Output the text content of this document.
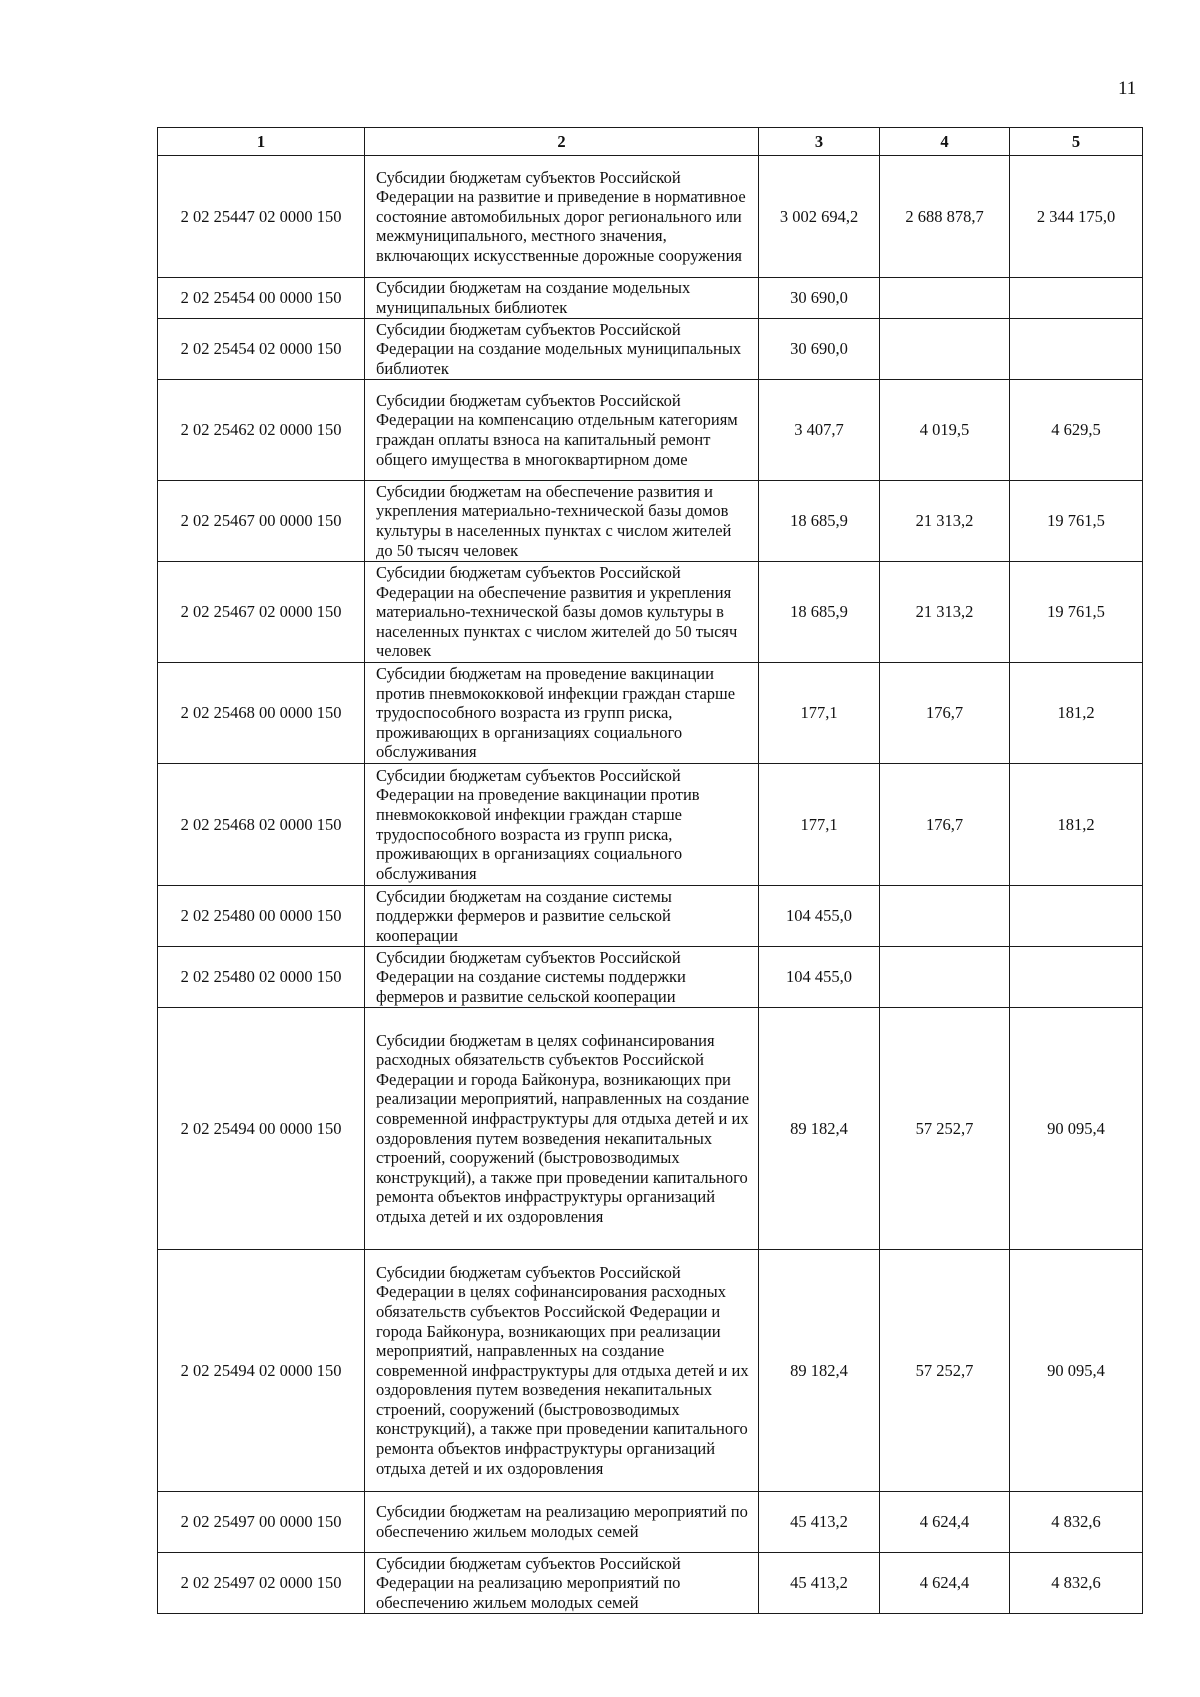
11
1	2	3	4	5
2 02 25447 02 0000 150	Субсидии бюджетам субъектов Российской Федерации на развитие и приведение в нормативное состояние автомобильных дорог регионального или межмуниципального, местного значения, включающих искусственные дорожные сооружения	3 002 694,2	2 688 878,7	2 344 175,0
2 02 25454 00 0000 150	Субсидии бюджетам на создание модельных муниципальных библиотек	30 690,0		
2 02 25454 02 0000 150	Субсидии бюджетам субъектов Российской Федерации на создание модельных муниципальных библиотек	30 690,0		
2 02 25462 02 0000 150	Субсидии бюджетам субъектов Российской Федерации на компенсацию отдельным категориям граждан оплаты взноса на капитальный ремонт общего имущества в многоквартирном доме	3 407,7	4 019,5	4 629,5
2 02 25467 00 0000 150	Субсидии бюджетам на обеспечение развития и укрепления материально-технической базы домов культуры в населенных пунктах с числом жителей до 50 тысяч человек	18 685,9	21 313,2	19 761,5
2 02 25467 02 0000 150	Субсидии бюджетам субъектов Российской Федерации на обеспечение развития и укрепления материально-технической базы домов культуры в населенных пунктах с числом жителей до 50 тысяч человек	18 685,9	21 313,2	19 761,5
2 02 25468 00 0000 150	Субсидии бюджетам на проведение вакцинации против пневмококковой инфекции граждан старше трудоспособного возраста из групп риска, проживающих в организациях социального обслуживания	177,1	176,7	181,2
2 02 25468 02 0000 150	Субсидии бюджетам субъектов Российской Федерации на проведение вакцинации против пневмококковой инфекции граждан старше трудоспособного возраста из групп риска, проживающих в организациях социального обслуживания	177,1	176,7	181,2
2 02 25480 00 0000 150	Субсидии бюджетам на создание системы поддержки фермеров и развитие сельской кооперации	104 455,0		
2 02 25480 02 0000 150	Субсидии бюджетам субъектов Российской Федерации на создание системы поддержки фермеров и развитие сельской кооперации	104 455,0		
2 02 25494 00 0000 150	Субсидии бюджетам в целях софинансирования расходных обязательств субъектов Российской Федерации и города Байконура, возникающих при реализации мероприятий, направленных на создание современной инфраструктуры для отдыха детей и их оздоровления путем возведения некапитальных строений, сооружений (быстровозводимых конструкций), а также при проведении капитального ремонта объектов инфраструктуры организаций отдыха детей и их оздоровления	89 182,4	57 252,7	90 095,4
2 02 25494 02 0000 150	Субсидии бюджетам субъектов Российской Федерации в целях софинансирования расходных обязательств субъектов Российской Федерации и города Байконура, возникающих при реализации мероприятий, направленных на создание современной инфраструктуры для отдыха детей и их оздоровления путем возведения некапитальных строений, сооружений (быстровозводимых конструкций), а также при проведении капитального ремонта объектов инфраструктуры организаций отдыха детей и их оздоровления	89 182,4	57 252,7	90 095,4
2 02 25497 00 0000 150	Субсидии бюджетам на реализацию мероприятий по обеспечению жильем молодых семей	45 413,2	4 624,4	4 832,6
2 02 25497 02 0000 150	Субсидии бюджетам субъектов Российской Федерации на реализацию мероприятий по обеспечению жильем молодых семей	45 413,2	4 624,4	4 832,6
